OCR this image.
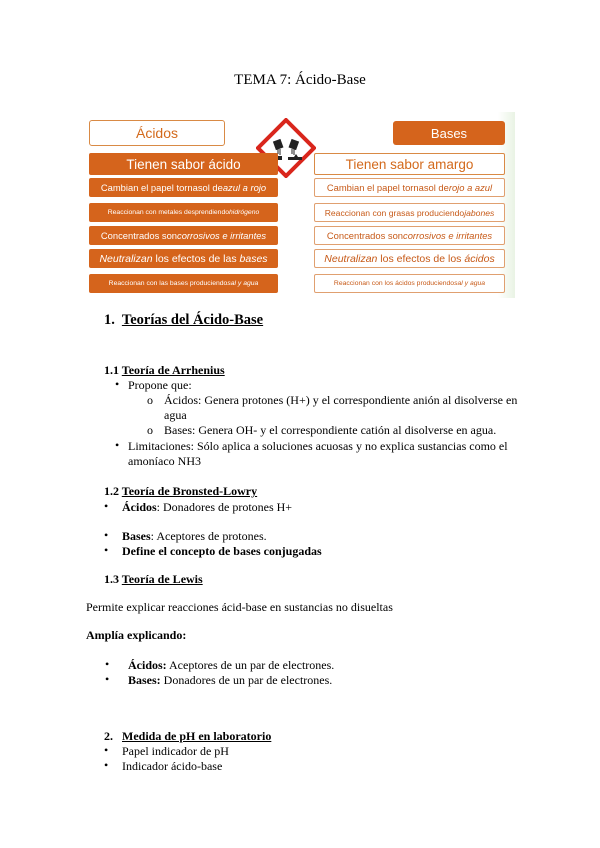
TEMA 7: Ácido-Base
Ácidos	Bases
Tienen sabor ácido	Tienen sabor amargo
Cambian el papel tornasol de azul a rojo
Reaccionan con metales desprendiendo hidrógeno
Concentrados son corrosivos e irritantes
Neutralizan los efectos de las bases
Reaccionan con las bases produciendo sal y agua
Cambian el papel tornasol de rojo a azul
Reaccionan con grasas produciendo jabones
Concentrados son corrosivos e irritantes
Neutralizan los efectos de los ácidos
Reaccionan con los ácidos produciendo sal y agua
1. Teorías del Ácido-Base
1.1 Teoría de Arrhenius
• Propone que:
o Ácidos: Genera protones (H+) y el correspondiente anión al disolverse en agua
o Bases: Genera OH- y el correspondiente catión al disolverse en agua.
• Limitaciones: Sólo aplica a soluciones acuosas y no explica sustancias como el amoníaco NH3
1.2 Teoría de Bronsted-Lowry
• Ácidos: Donadores de protones H+
• Bases: Aceptores de protones.
• Define el concepto de bases conjugadas
1.3 Teoría de Lewis
Permite explicar reacciones ácid-base en sustancias no disueltas
Amplía explicando:
• Ácidos: Aceptores de un par de electrones.
• Bases: Donadores de un par de electrones.
2. Medida de pH en laboratorio
• Papel indicador de pH
• Indicador ácido-base
